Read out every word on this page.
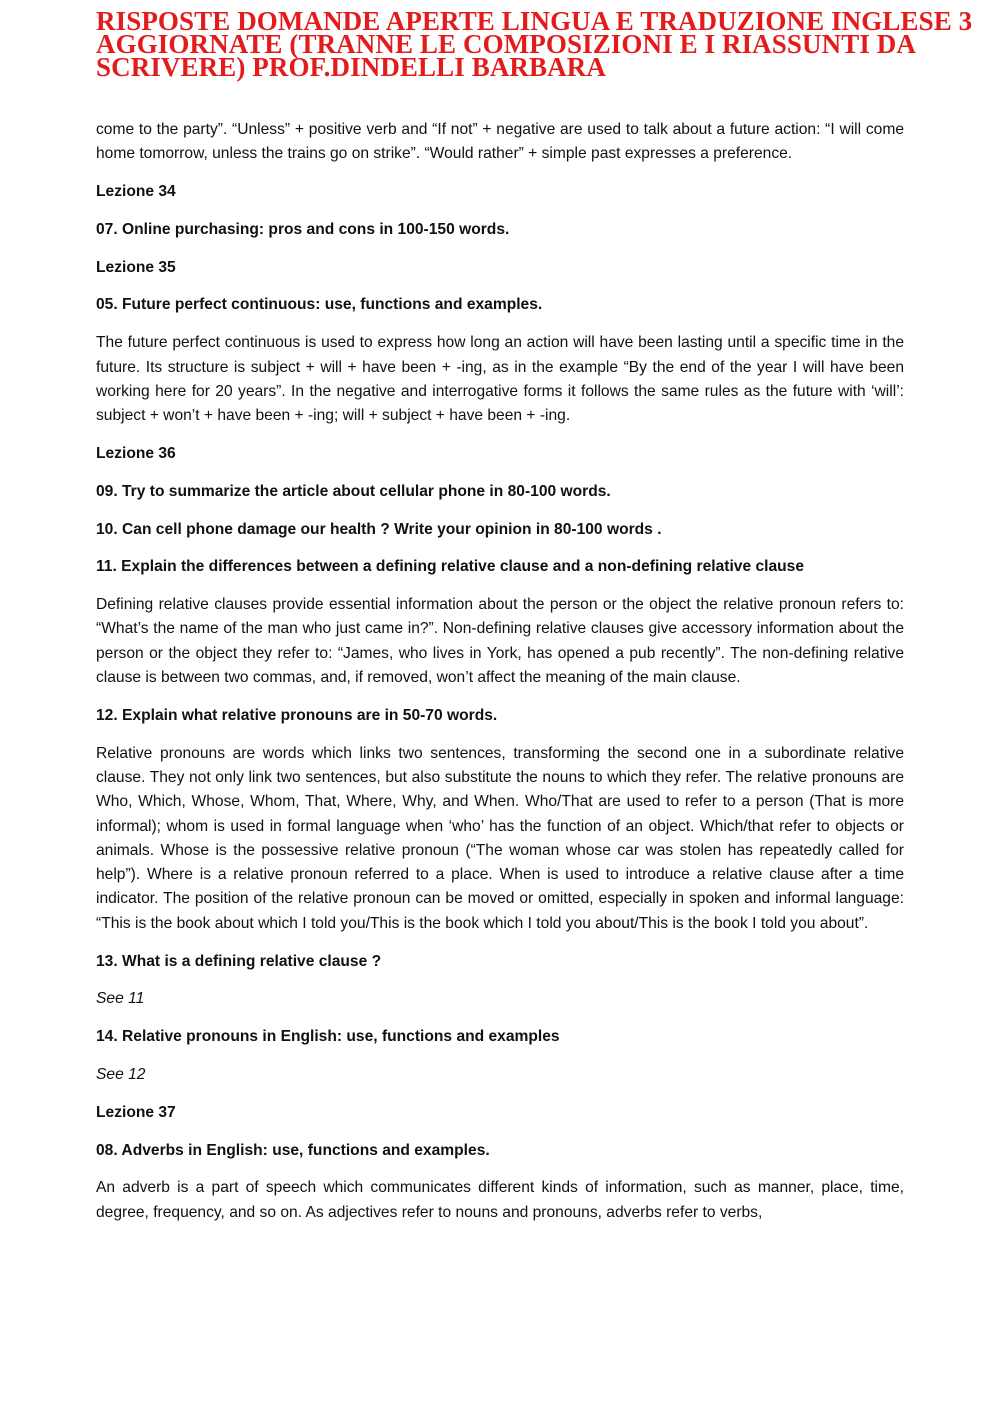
RISPOSTE DOMANDE APERTE LINGUA E TRADUZIONE INGLESE 3
AGGIORNATE (TRANNE LE COMPOSIZIONI E I RIASSUNTI DA
SCRIVERE) PROF.DINDELLI BARBARA

come to the party”. “Unless” + positive verb and “If not” + negative are used to talk about a future action: “I will come home tomorrow, unless the trains go on strike”. “Would rather” + simple past expresses a preference.

Lezione 34

07. Online purchasing: pros and cons in 100-150 words.

Lezione 35

05. Future perfect continuous: use, functions and examples.

The future perfect continuous is used to express how long an action will have been lasting until a specific time in the future. Its structure is subject + will + have been + -ing, as in the example “By the end of the year I will have been working here for 20 years”. In the negative and interrogative forms it follows the same rules as the future with ‘will’: subject + won’t + have been + -ing; will + subject + have been + -ing.

Lezione 36

09. Try to summarize the article about cellular phone in 80-100 words.

10. Can cell phone damage our health ? Write your opinion in 80-100 words .

11. Explain the differences between a defining relative clause and a non-defining relative clause

Defining relative clauses provide essential information about the person or the object the relative pronoun refers to: “What’s the name of the man who just came in?”. Non-defining relative clauses give accessory information about the person or the object they refer to: “James, who lives in York, has opened a pub recently”. The non-defining relative clause is between two commas, and, if removed, won’t affect the meaning of the main clause.

12. Explain what relative pronouns are in 50-70 words.

Relative pronouns are words which links two sentences, transforming the second one in a subordinate relative clause. They not only link two sentences, but also substitute the nouns to which they refer. The relative pronouns are Who, Which, Whose, Whom, That, Where, Why, and When. Who/That are used to refer to a person (That is more informal); whom is used in formal language when ‘who’ has the function of an object. Which/that refer to objects or animals. Whose is the possessive relative pronoun (“The woman whose car was stolen has repeatedly called for help”). Where is a relative pronoun referred to a place. When is used to introduce a relative clause after a time indicator. The position of the relative pronoun can be moved or omitted, especially in spoken and informal language: “This is the book about which I told you/This is the book which I told you about/This is the book I told you about”.

13. What is a defining relative clause ?

See 11

14. Relative pronouns in English: use, functions and examples

See 12

Lezione 37

08. Adverbs in English: use, functions and examples.

An adverb is a part of speech which communicates different kinds of information, such as manner, place, time, degree, frequency, and so on. As adjectives refer to nouns and pronouns, adverbs refer to verbs,
